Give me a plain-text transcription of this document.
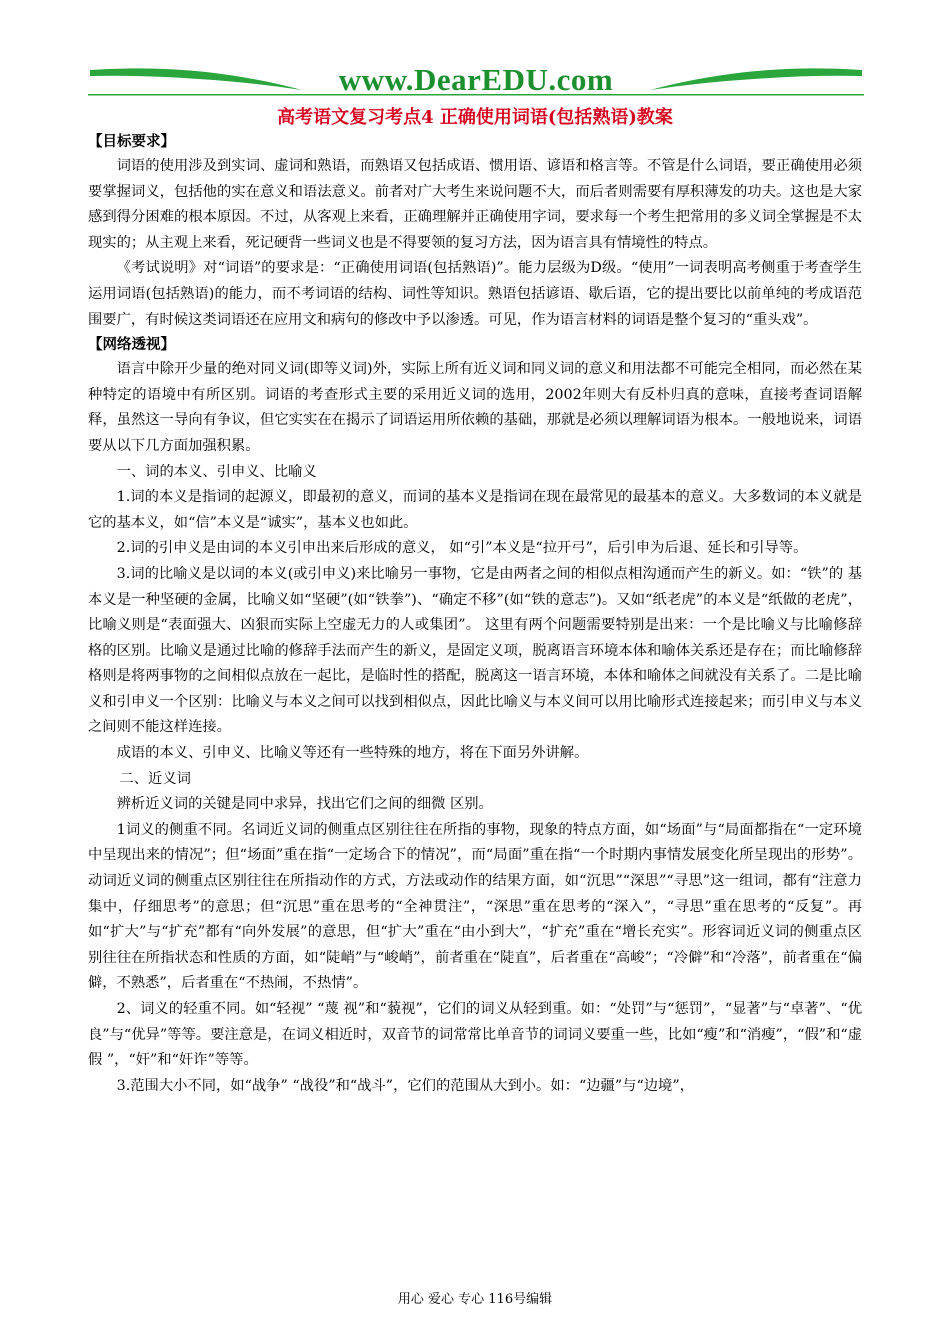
www.DearEDU.com
高考语文复习考点4 正确使用词语(包括熟语)教案
【目标要求】

词语的使用涉及到实词、虚词和熟语，而熟语又包括成语、惯用语、谚语和格言等。不管是什么词语，要正确使用必须要掌握词义，包括他的实在意义和语法意义。前者对广大考生来说问题不大，而后者则需要有厚积薄发的功夫。这也是大家感到得分困难的根本原因。不过，从客观上来看，正确理解并正确使用字词，要求每一个考生把常用的多义词全掌握是不太现实的；从主观上来看，死记硬背一些词义也是不得要领的复习方法，因为语言具有情境性的特点。

《考试说明》对“词语”的要求是：“正确使用词语(包括熟语)”。能力层级为D级。“使用”一词表明高考侧重于考查学生运用词语(包括熟语)的能力，而不考词语的结构、词性等知识。熟语包括谚语、歇后语，它的提出要比以前单纯的考成语范围要广，有时候这类词语还在应用文和病句的修改中予以渗透。可见，作为语言材料的词语是整个复习的“重头戏”。

【网络透视】

语言中除开少量的绝对同义词(即等义词)外，实际上所有近义词和同义词的意义和用法都不可能完全相同，而必然在某种特定的语境中有所区别。词语的考查形式主要的采用近义词的选用，2002年则大有反朴归真的意味，直接考查词语解释，虽然这一导向有争议，但它实实在在揭示了词语运用所依赖的基础，那就是必须以理解词语为根本。一般地说来，词语要从以下几方面加强积累。

一、词的本义、引申义、比喻义

1.词的本义是指词的起源义，即最初的意义，而词的基本义是指词在现在最常见的最基本的意义。大多数词的本义就是它的基本义，如“信”本义是“诚实”，基本义也如此。

2.词的引申义是由词的本义引申出来后形成的意义， 如“引”本义是“拉开弓”，后引申为后退、延长和引导等。

3.词的比喻义是以词的本义(或引申义)来比喻另一事物，它是由两者之间的相似点相沟通而产生的新义。如：“铁”的 基本义是一种坚硬的金属，比喻义如“坚硬”(如“铁拳”)、“确定不移”(如“铁的意志”)。又如“纸老虎”的本义是“纸做的老虎”，比喻义则是“表面强大、凶狠而实际上空虚无力的人或集团”。 这里有两个问题需要特别是出来：一个是比喻义与比喻修辞格的区别。比喻义是通过比喻的修辞手法而产生的新义，是固定义项，脱离语言环境本体和喻体关系还是存在；而比喻修辞格则是将两事物的之间相似点放在一起比，是临时性的搭配，脱离这一语言环境，本体和喻体之间就没有关系了。二是比喻义和引申义一个区别：比喻义与本义之间可以找到相似点，因此比喻义与本义间可以用比喻形式连接起来；而引申义与本义之间则不能这样连接。

成语的本义、引申义、比喻义等还有一些特殊的地方，将在下面另外讲解。

二、近义词

辨析近义词的关键是同中求异，找出它们之间的细微 区别。

1词义的侧重不同。名词近义词的侧重点区别往往在所指的事物，现象的特点方面，如“场面”与“局面都指在“一定环境中呈现出来的情况”；但“场面”重在指“一定场合下的情况”，而“局面”重在指“一个时期内事情发展变化所呈现出的形势”。动词近义词的侧重点区别往往在所指动作的方式，方法或动作的结果方面，如“沉思”“深思”“寻思”这一组词，都有“注意力集中，仔细思考”的意思；但“沉思”重在思考的“全神贯注”，“深思”重在思考的“深入”，“寻思”重在思考的“反复”。再如“扩大”与“扩充”都有“向外发展”的意思，但“扩大”重在“由小到大”，“扩充”重在“增长充实”。形容词近义词的侧重点区别往往在所指状态和性质的方面，如“陡峭”与“峻峭”，前者重在“陡直”，后者重在“高峻”；“冷僻”和“冷落”，前者重在“偏僻，不熟悉”，后者重在“不热闹，不热情”。

2、词义的轻重不同。如“轻视” “蔑 视”和“藐视”，它们的词义从轻到重。如：“处罚”与“惩罚”，“显著”与“卓著”、“优良”与“优异”等等。要注意是，在词义相近时，双音节的词常常比单音节的词词义要重一些，比如“瘦”和“消瘦”，“假”和“虚假 ”，“奸”和“奸诈”等等。

3.范围大小不同，如“战争” “战役”和“战斗”，它们的范围从大到小。如：“边疆”与“边境”，

用心 爱心 专心 116号编辑
